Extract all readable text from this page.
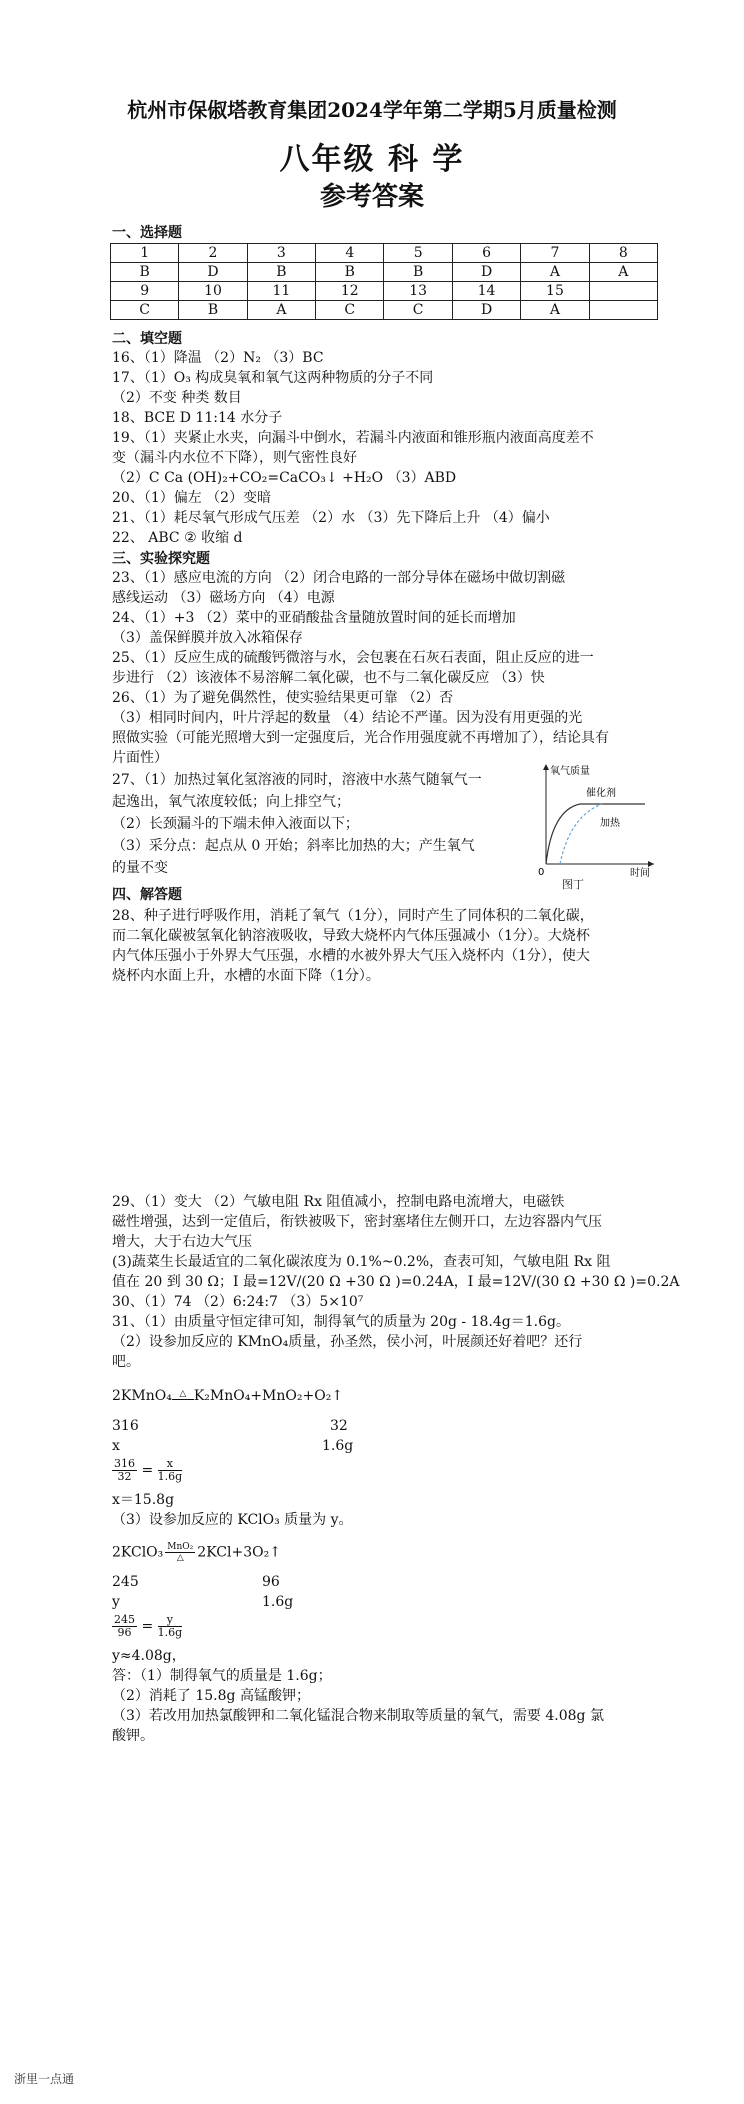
杭州市保俶塔教育集团2024学年第二学期5月质量检测
八年级 科 学
参考答案
一、选择题
1	2	3	4	5	6	7	8
B	D	B	B	B	D	A	A
9	10	11	12	13	14	15	
C	B	A	C	C	D	A	
二、填空题
16、（1）降温 （2）N₂ （3）BC
17、（1）O₃ 构成臭氧和氧气这两种物质的分子不同
（2）不变 种类 数目
18、BCE D 11:14 水分子
19、（1）夹紧止水夹，向漏斗中倒水，若漏斗内液面和锥形瓶内液面高度差不
变（漏斗内水位不下降），则气密性良好
（2）C Ca (OH)₂+CO₂=CaCO₃↓ +H₂O （3）ABD
20、（1）偏左 （2）变暗
21、（1）耗尽氧气形成气压差 （2）水 （3）先下降后上升 （4）偏小
22、 ABC ② 收缩 d
三、实验探究题
23、（1）感应电流的方向 （2）闭合电路的一部分导体在磁场中做切割磁
感线运动 （3）磁场方向 （4）电源
24、（1）+3 （2）菜中的亚硝酸盐含量随放置时间的延长而增加
（3）盖保鲜膜并放入冰箱保存
25、（1）反应生成的硫酸钙微溶与水，会包裹在石灰石表面，阻止反应的进一
步进行 （2）该液体不易溶解二氧化碳，也不与二氧化碳反应 （3）快
26、（1）为了避免偶然性，使实验结果更可靠 （2）否
（3）相同时间内，叶片浮起的数量 （4）结论不严谨。因为没有用更强的光
照做实验（可能光照增大到一定强度后，光合作用强度就不再增加了），结论具有
片面性）
27、（1）加热过氧化氢溶液的同时，溶液中水蒸气随氧气一
起逸出，氧气浓度较低；向上排空气；
（2）长颈漏斗的下端未伸入液面以下；
（3）采分点：起点从 0 开始；斜率比加热的大；产生氧气
的量不变
氧气质量
催化剂
加热
0	时间
图丁
四、解答题
28、种子进行呼吸作用，消耗了氧气（1分），同时产生了同体积的二氧化碳，
而二氧化碳被氢氧化钠溶液吸收，导致大烧杯内气体压强减小（1分）。大烧杯
内气体压强小于外界大气压强，水槽的水被外界大气压入烧杯内（1分），使大
烧杯内水面上升，水槽的水面下降（1分）。
29、（1）变大 （2）气敏电阻 Rx 阻值减小，控制电路电流增大，电磁铁
磁性增强，达到一定值后，衔铁被吸下，密封塞堵住左侧开口，左边容器内气压
增大，大于右边大气压
(3)蔬菜生长最适宜的二氧化碳浓度为 0.1%~0.2%，查表可知，气敏电阻 Rx 阻
值在 20 到 30 Ω；I 最=12V/(20 Ω +30 Ω )=0.24A，I 最=12V/(30 Ω +30 Ω )=0.2A
30、（1）74 （2）6:24:7 （3）5×10⁷
31、（1）由质量守恒定律可知，制得氧气的质量为 20g - 18.4g＝1.6g。
（2）设参加反应的 KMnO₄质量，孙圣然，侯小河，叶展颜还好着吧？还行
吧。
2KMnO₄ △ K₂MnO₄+MnO₂+O₂↑
316	32
x	1.6g
$\frac{316}{32} = \frac{x}{1.6g}$
x＝15.8g
（3）设参加反应的 KClO₃ 质量为 y。
2KClO₃ MnO₂
△ 2KCl+3O₂↑
245	96
y	1.6g
$\frac{245}{96} = \frac{y}{1.6g}$
y≈4.08g，
答：（1）制得氧气的质量是 1.6g；
（2）消耗了 15.8g 高锰酸钾；
（3）若改用加热氯酸钾和二氧化锰混合物来制取等质量的氧气，需要 4.08g 氯
酸钾。
浙里一点通
